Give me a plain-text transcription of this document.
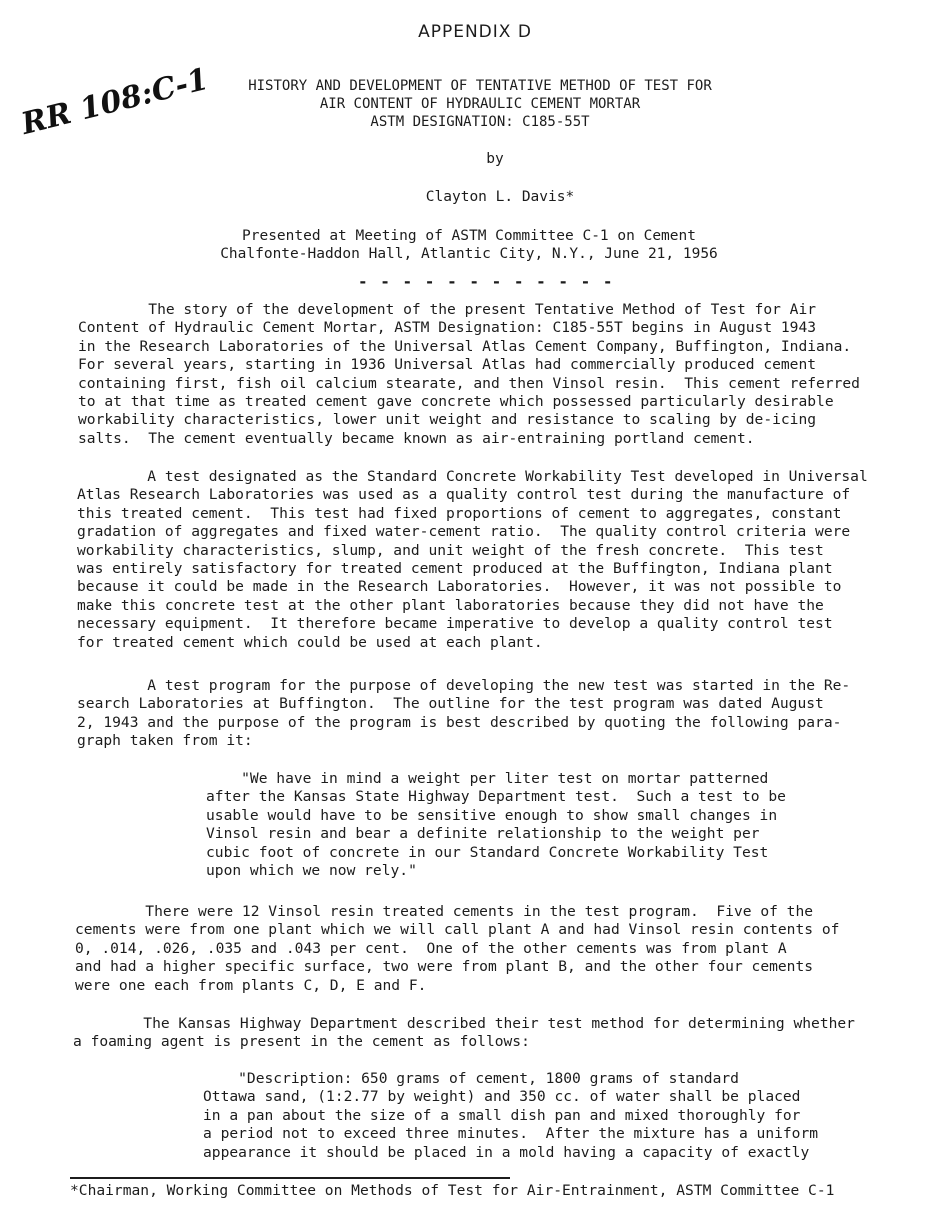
APPENDIX D
RR 108:C-1	HISTORY AND DEVELOPMENT OF TENTATIVE METHOD OF TEST FOR
AIR CONTENT OF HYDRAULIC CEMENT MORTAR
ASTM DESIGNATION: C185-55T
by
Clayton L. Davis*
Presented at Meeting of ASTM Committee C-1 on Cement
Chalfonte-Haddon Hall, Atlantic City, N.Y., June 21, 1956
- - - - - - - - - - - -
The story of the development of the present Tentative Method of Test for Air
Content of Hydraulic Cement Mortar, ASTM Designation: C185-55T begins in August 1943
in the Research Laboratories of the Universal Atlas Cement Company, Buffington, Indiana.
For several years, starting in 1936 Universal Atlas had commercially produced cement
containing first, fish oil calcium stearate, and then Vinsol resin.  This cement referred
to at that time as treated cement gave concrete which possessed particularly desirable
workability characteristics, lower unit weight and resistance to scaling by de-icing
salts.  The cement eventually became known as air-entraining portland cement.
A test designated as the Standard Concrete Workability Test developed in Universal
Atlas Research Laboratories was used as a quality control test during the manufacture of
this treated cement.  This test had fixed proportions of cement to aggregates, constant
gradation of aggregates and fixed water-cement ratio.  The quality control criteria were
workability characteristics, slump, and unit weight of the fresh concrete.  This test
was entirely satisfactory for treated cement produced at the Buffington, Indiana plant
because it could be made in the Research Laboratories.  However, it was not possible to
make this concrete test at the other plant laboratories because they did not have the
necessary equipment.  It therefore became imperative to develop a quality control test
for treated cement which could be used at each plant.
A test program for the purpose of developing the new test was started in the Re-
search Laboratories at Buffington.  The outline for the test program was dated August
2, 1943 and the purpose of the program is best described by quoting the following para-
graph taken from it:
"We have in mind a weight per liter test on mortar patterned
after the Kansas State Highway Department test.  Such a test to be
usable would have to be sensitive enough to show small changes in
Vinsol resin and bear a definite relationship to the weight per
cubic foot of concrete in our Standard Concrete Workability Test
upon which we now rely."
There were 12 Vinsol resin treated cements in the test program.  Five of the
cements were from one plant which we will call plant A and had Vinsol resin contents of
0, .014, .026, .035 and .043 per cent.  One of the other cements was from plant A
and had a higher specific surface, two were from plant B, and the other four cements
were one each from plants C, D, E and F.
The Kansas Highway Department described their test method for determining whether
a foaming agent is present in the cement as follows:
"Description: 650 grams of cement, 1800 grams of standard
Ottawa sand, (1:2.77 by weight) and 350 cc. of water shall be placed
in a pan about the size of a small dish pan and mixed thoroughly for
a period not to exceed three minutes.  After the mixture has a uniform
appearance it should be placed in a mold having a capacity of exactly
*Chairman, Working Committee on Methods of Test for Air-Entrainment, ASTM Committee C-1
